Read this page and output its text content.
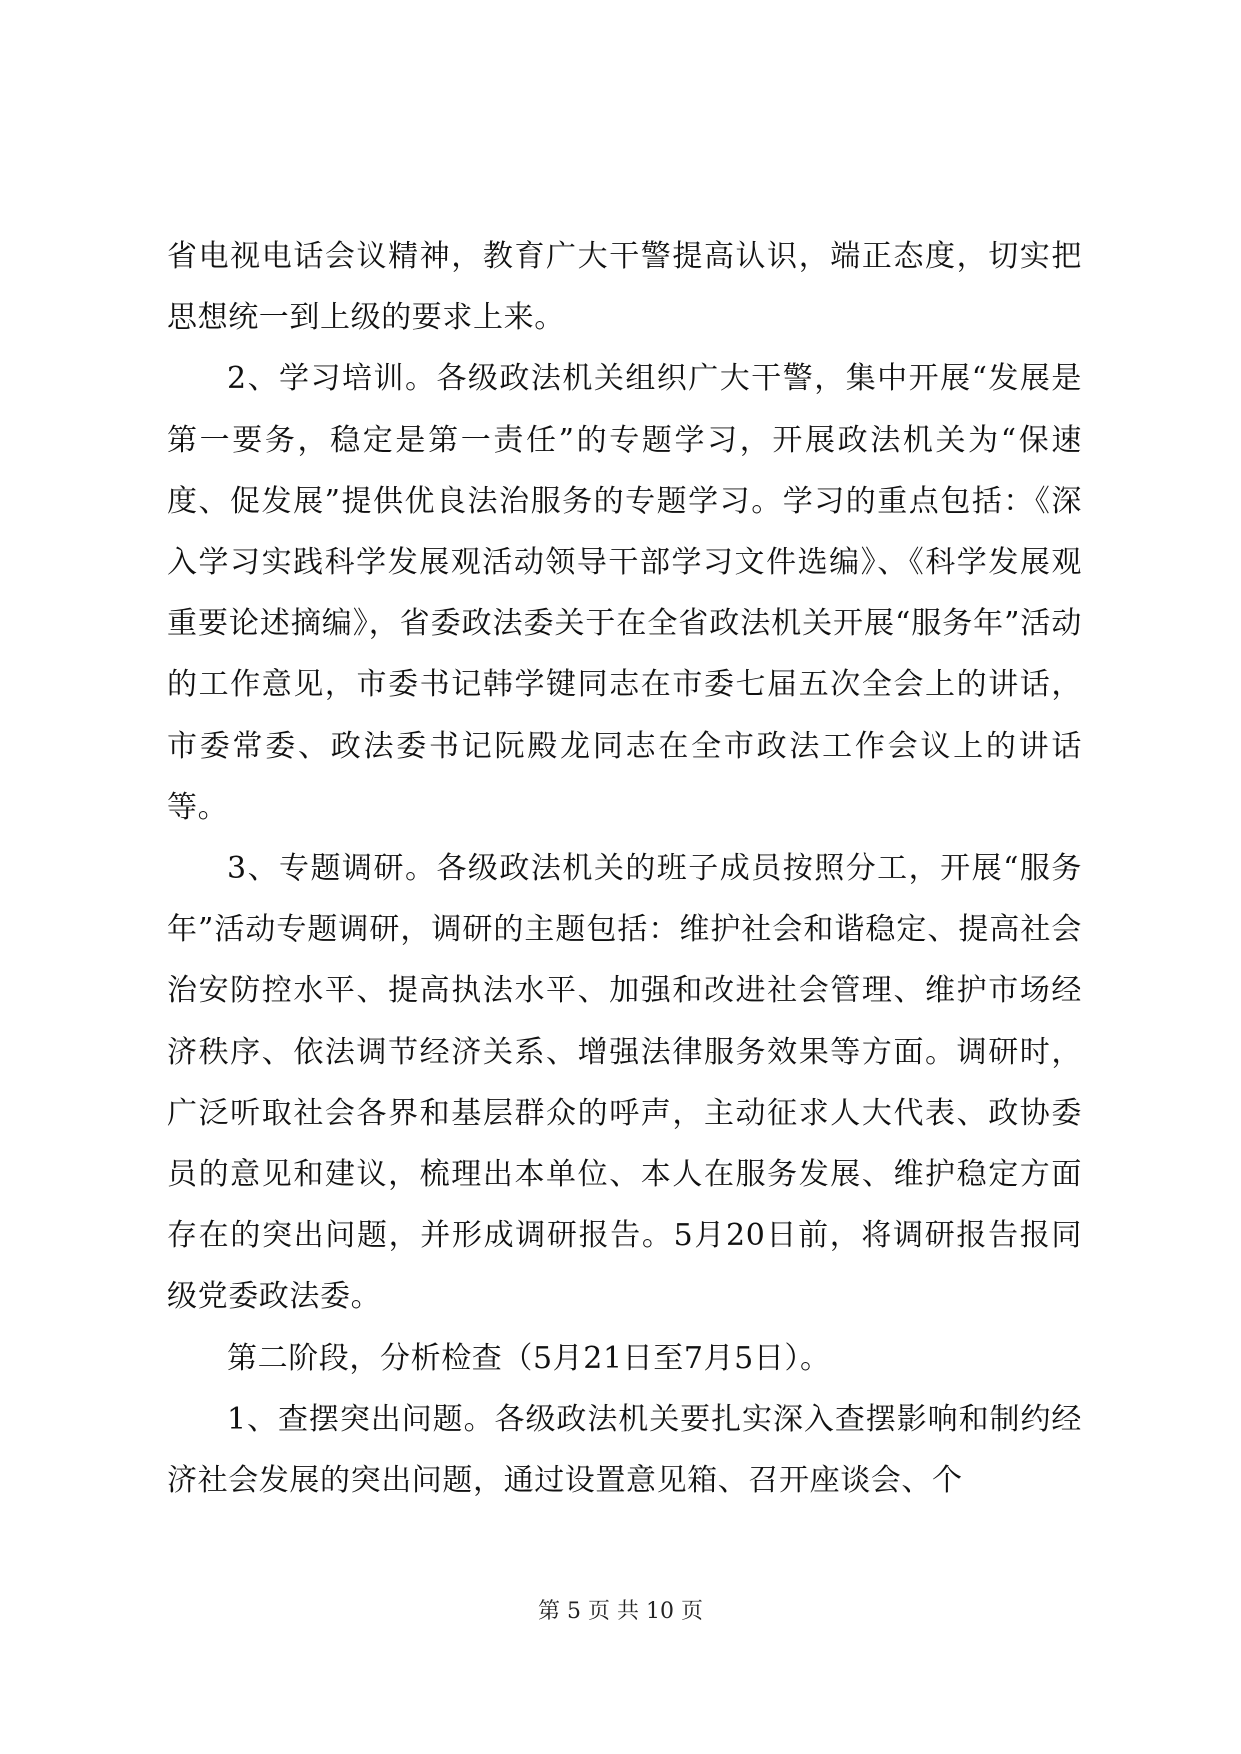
省电视电话会议精神，教育广大干警提高认识，端正态度，切实把思想统一到上级的要求上来。

2、学习培训。各级政法机关组织广大干警，集中开展“发展是第一要务，稳定是第一责任”的专题学习，开展政法机关为“保速度、促发展”提供优良法治服务的专题学习。学习的重点包括：《深入学习实践科学发展观活动领导干部学习文件选编》、《科学发展观重要论述摘编》，省委政法委关于在全省政法机关开展“服务年”活动的工作意见，市委书记韩学键同志在市委七届五次全会上的讲话，市委常委、政法委书记阮殿龙同志在全市政法工作会议上的讲话等。

3、专题调研。各级政法机关的班子成员按照分工，开展“服务年”活动专题调研，调研的主题包括：维护社会和谐稳定、提高社会治安防控水平、提高执法水平、加强和改进社会管理、维护市场经济秩序、依法调节经济关系、增强法律服务效果等方面。调研时，广泛听取社会各界和基层群众的呼声，主动征求人大代表、政协委员的意见和建议，梳理出本单位、本人在服务发展、维护稳定方面存在的突出问题，并形成调研报告。5月20日前，将调研报告报同级党委政法委。

第二阶段，分析检查（5月21日至7月5日）。

1、查摆突出问题。各级政法机关要扎实深入查摆影响和制约经济社会发展的突出问题，通过设置意见箱、召开座谈会、个

第 5 页 共 10 页
